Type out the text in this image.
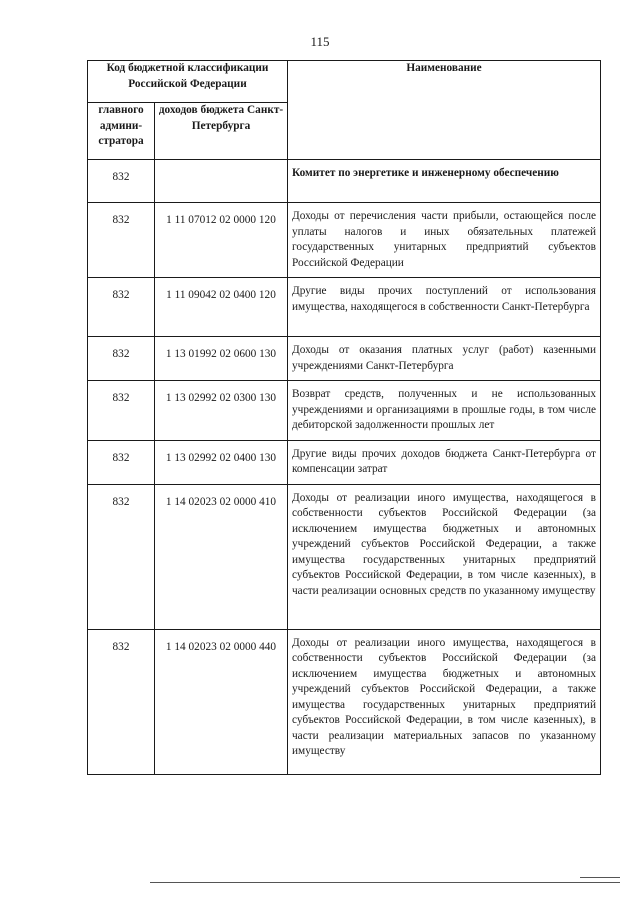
115
Код бюджетной классификации Российской Федерации		Наименование
главного админи-стратора	доходов бюджета Санкт-Петербурга	
832		Комитет по энергетике и инженерному обеспечению
832	1 11 07012 02 0000 120	Доходы от перечисления части прибыли, остающейся после уплаты налогов и иных обязательных платежей государственных унитарных предприятий субъектов Российской Федерации
832	1 11 09042 02 0400 120	Другие виды прочих поступлений от использования имущества, находящегося в собственности Санкт-Петербурга
832	1 13 01992 02 0600 130	Доходы от оказания платных услуг (работ) казенными учреждениями Санкт-Петербурга
832	1 13 02992 02 0300 130	Возврат средств, полученных и не использованных учреждениями и организациями в прошлые годы, в том числе дебиторской задолженности прошлых лет
832	1 13 02992 02 0400 130	Другие виды прочих доходов бюджета Санкт-Петербурга от компенсации затрат
832	1 14 02023 02 0000 410	Доходы от реализации иного имущества, находящегося в собственности субъектов Российской Федерации (за исключением имущества бюджетных и автономных учреждений субъектов Российской Федерации, а также имущества государственных унитарных предприятий субъектов Российской Федерации, в том числе казенных), в части реализации основных средств по указанному имуществу
832	1 14 02023 02 0000 440	Доходы от реализации иного имущества, находящегося в собственности субъектов Российской Федерации (за исключением имущества бюджетных и автономных учреждений субъектов Российской Федерации, а также имущества государственных унитарных предприятий субъектов Российской Федерации, в том числе казенных), в части реализации материальных запасов по указанному имуществу
